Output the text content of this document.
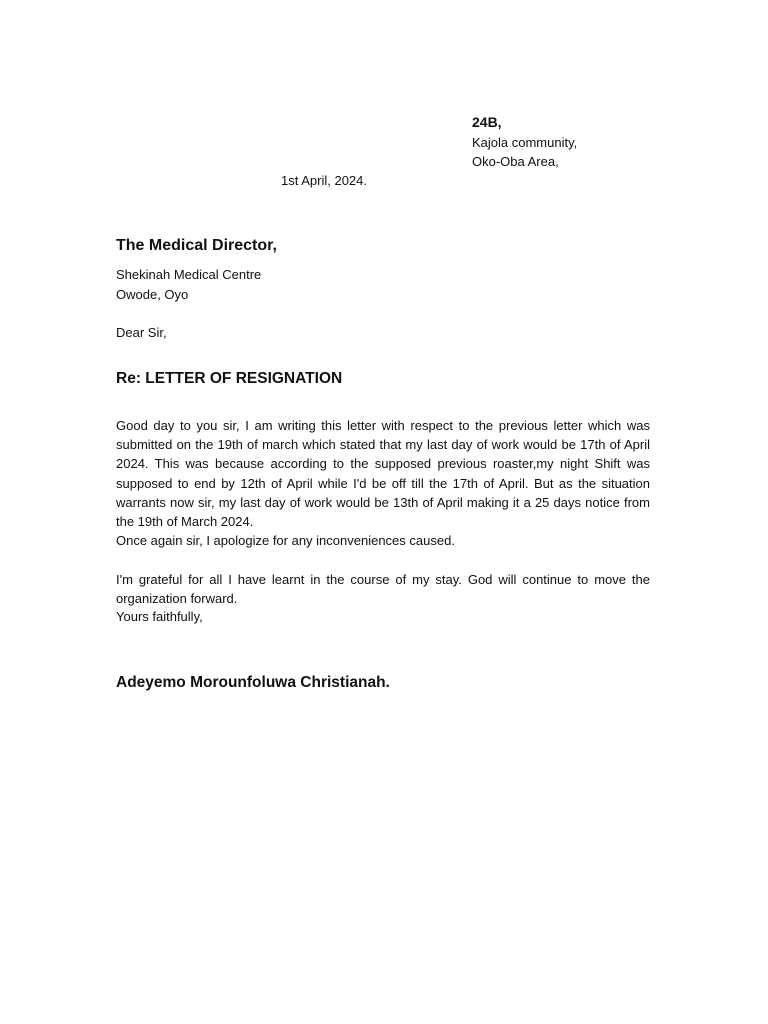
24B,
Kajola community,
Oko-Oba Area,
1st April, 2024.
The Medical Director,
Shekinah Medical Centre
Owode, Oyo
Dear Sir,
Re: LETTER OF RESIGNATION

Good day to you sir, I am writing this letter with respect to the previous letter which was submitted on the 19th of march which stated that my last day of work would be 17th of April 2024. This was because according to the supposed previous roaster,my night Shift was supposed to end by 12th of April while I'd be off till the 17th of April. But as the situation warrants now sir, my last day of work would be 13th of April making it a 25 days notice from the 19th of March 2024.

Once again sir, I apologize for any inconveniences caused.

I'm grateful for all I have learnt in the course of my stay. God will continue to move the organization forward.

Yours faithfully,
Adeyemo Morounfoluwa Christianah.
